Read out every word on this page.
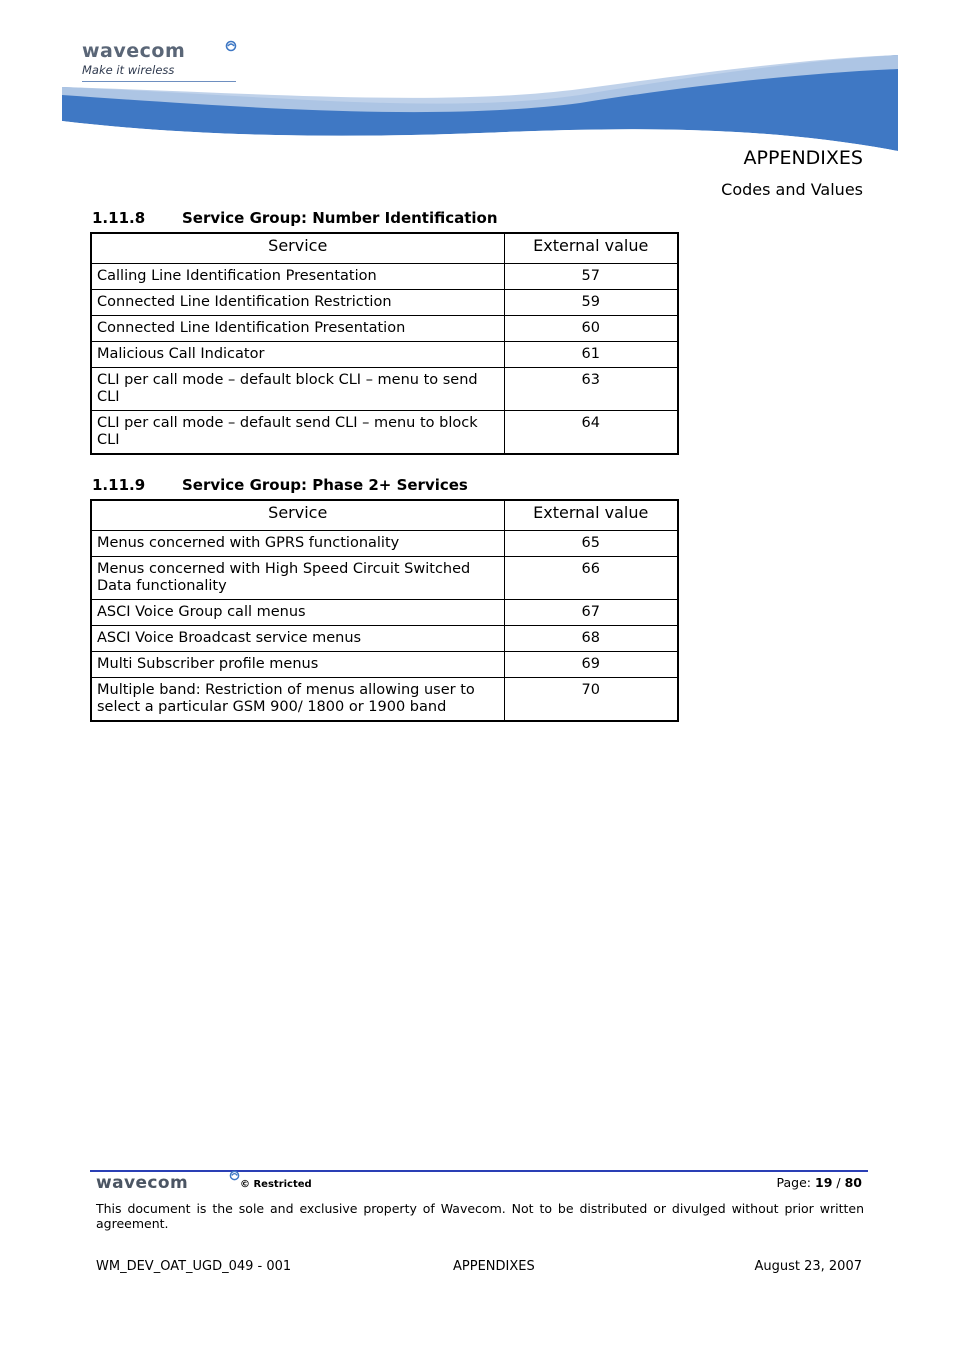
wavecom
Make it wireless
APPENDIXES
Codes and Values
1.11.8 Service Group: Number Identification
Service	External value
Calling Line Identification Presentation	57
Connected Line Identification Restriction	59
Connected Line Identification Presentation	60
Malicious Call Indicator	61
CLI per call mode – default block CLI – menu to send CLI	63
CLI per call mode – default send CLI – menu to block CLI	64
1.11.9 Service Group: Phase 2+ Services
Service	External value
Menus concerned with GPRS functionality	65
Menus concerned with High Speed Circuit Switched Data functionality	66
ASCI Voice Group call menus	67
ASCI Voice Broadcast service menus	68
Multi Subscriber profile menus	69
Multiple band: Restriction of menus allowing user to select a particular GSM 900/ 1800 or 1900 band	70
wavecom	© Restricted	Page: 19 / 80
This document is the sole and exclusive property of Wavecom. Not to be distributed or divulged without prior written agreement.
WM_DEV_OAT_UGD_049 - 001	APPENDIXES	August 23, 2007
